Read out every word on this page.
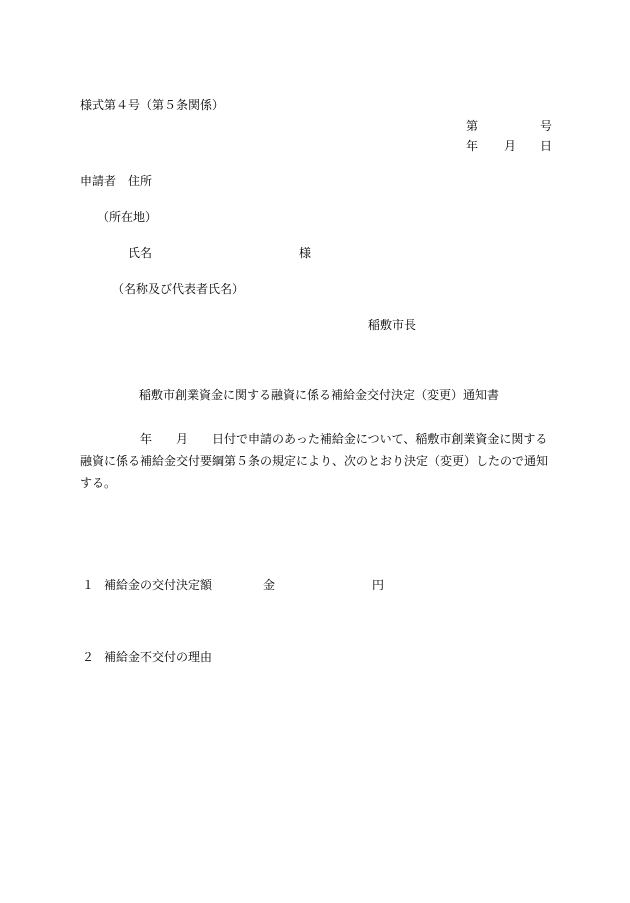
様式第４号（第５条関係）
第	号
年 月 日
申請者 住所
（所在地）
氏名	様
（名称及び代表者氏名）
稲敷市長
稲敷市創業資金に関する融資に係る補給金交付決定（変更）通知書
年 月 日付で申請のあった補給金について、稲敷市創業資金に関する
融資に係る補給金交付要綱第５条の規定により、次のとおり決定（変更）したので通知
する。
１ 補給金の交付決定額	金	円
２ 補給金不交付の理由
